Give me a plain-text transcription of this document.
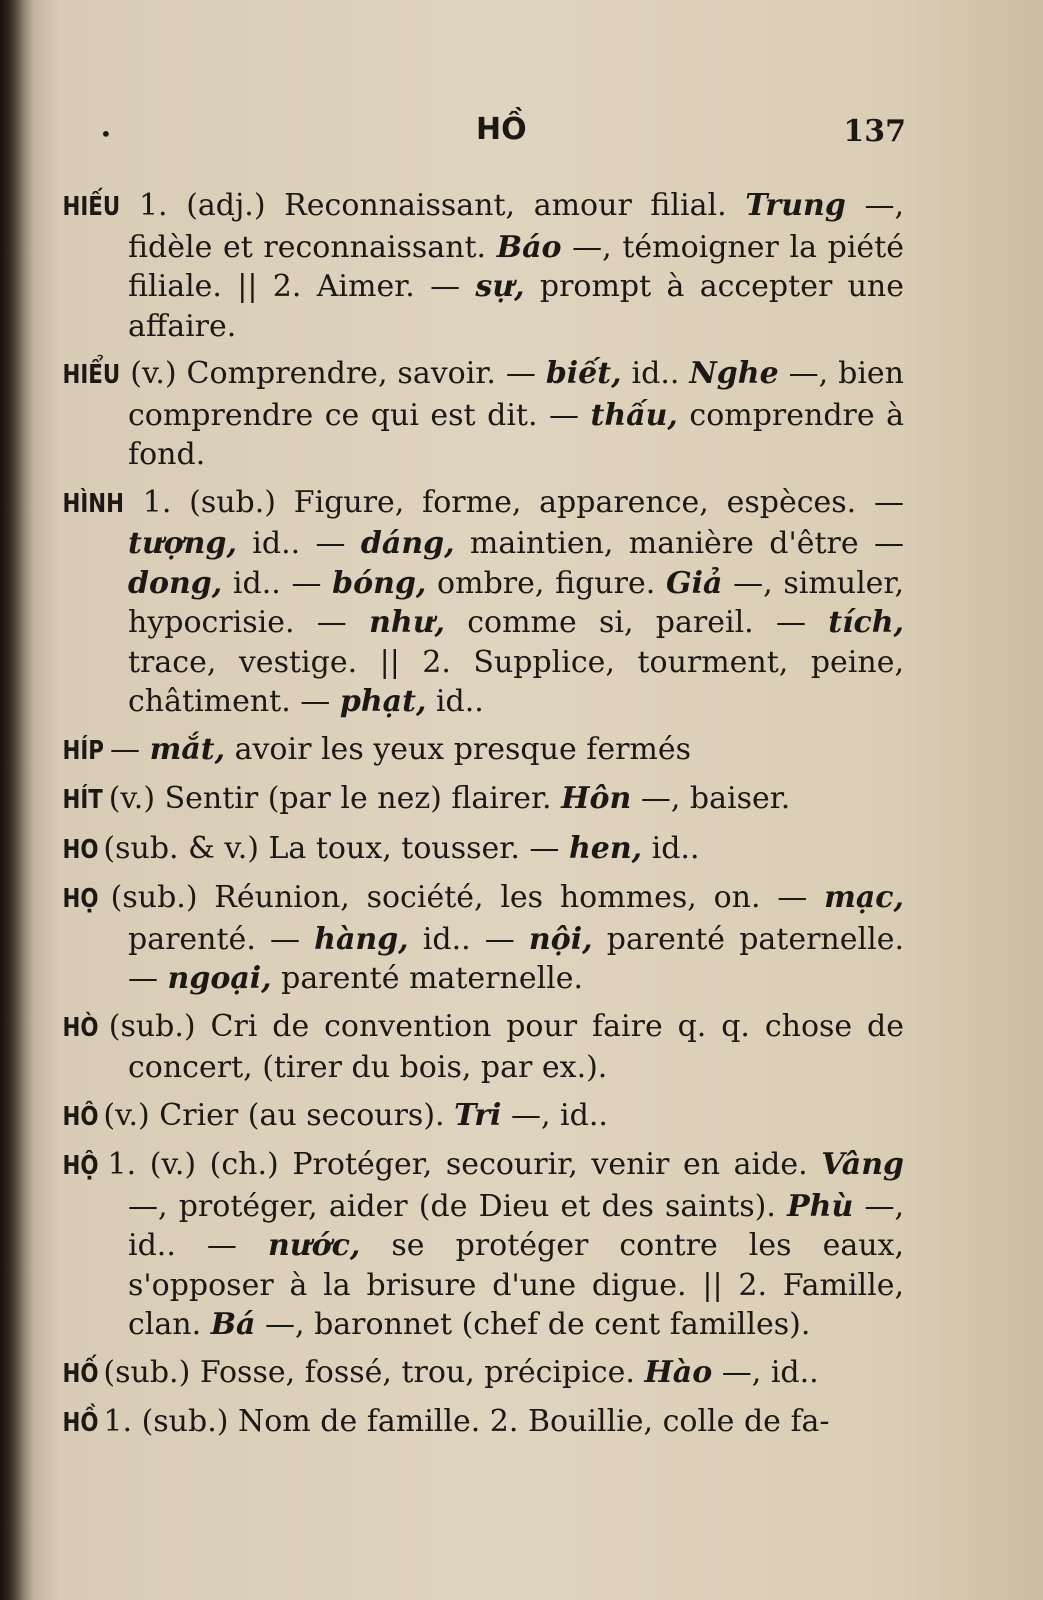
•	HỒ	137

HIẾU 1. (adj.) Reconnaissant, amour filial. Trung —, fidèle et reconnaissant. Báo —, témoigner la piété filiale. || 2. Aimer. — sự, prompt à accepter une affaire.

HIỂU (v.) Comprendre, savoir. — biết, id.. Nghe —, bien comprendre ce qui est dit. — thấu, comprendre à fond.

HÌNH 1. (sub.) Figure, forme, apparence, espèces. — tượng, id.. — dáng, maintien, manière d'être — dong, id.. — bóng, ombre, figure. Giả —, simuler, hypocrisie. — như, comme si, pareil. — tích, trace, vestige. || 2. Supplice, tourment, peine, châtiment. — phạt, id..

HÍP — mắt, avoir les yeux presque fermés

HÍT (v.) Sentir (par le nez) flairer. Hôn —, baiser.

HO (sub. & v.) La toux, tousser. — hen, id..

HỌ (sub.) Réunion, société, les hommes, on. — mạc, parenté. — hàng, id.. — nội, parenté paternelle. — ngoại, parenté maternelle.

HÒ (sub.) Cri de convention pour faire q. q. chose de concert, (tirer du bois, par ex.).

HÔ (v.) Crier (au secours). Tri —, id..

HỘ 1. (v.) (ch.) Protéger, secourir, venir en aide. Vâng —, protéger, aider (de Dieu et des saints). Phù —, id.. — nước, se protéger contre les eaux, s'opposer à la brisure d'une digue. || 2. Famille, clan. Bá —, baronnet (chef de cent familles).

HỐ (sub.) Fosse, fossé, trou, précipice. Hào —, id..

HỒ 1. (sub.) Nom de famille. 2. Bouillie, colle de fa-
